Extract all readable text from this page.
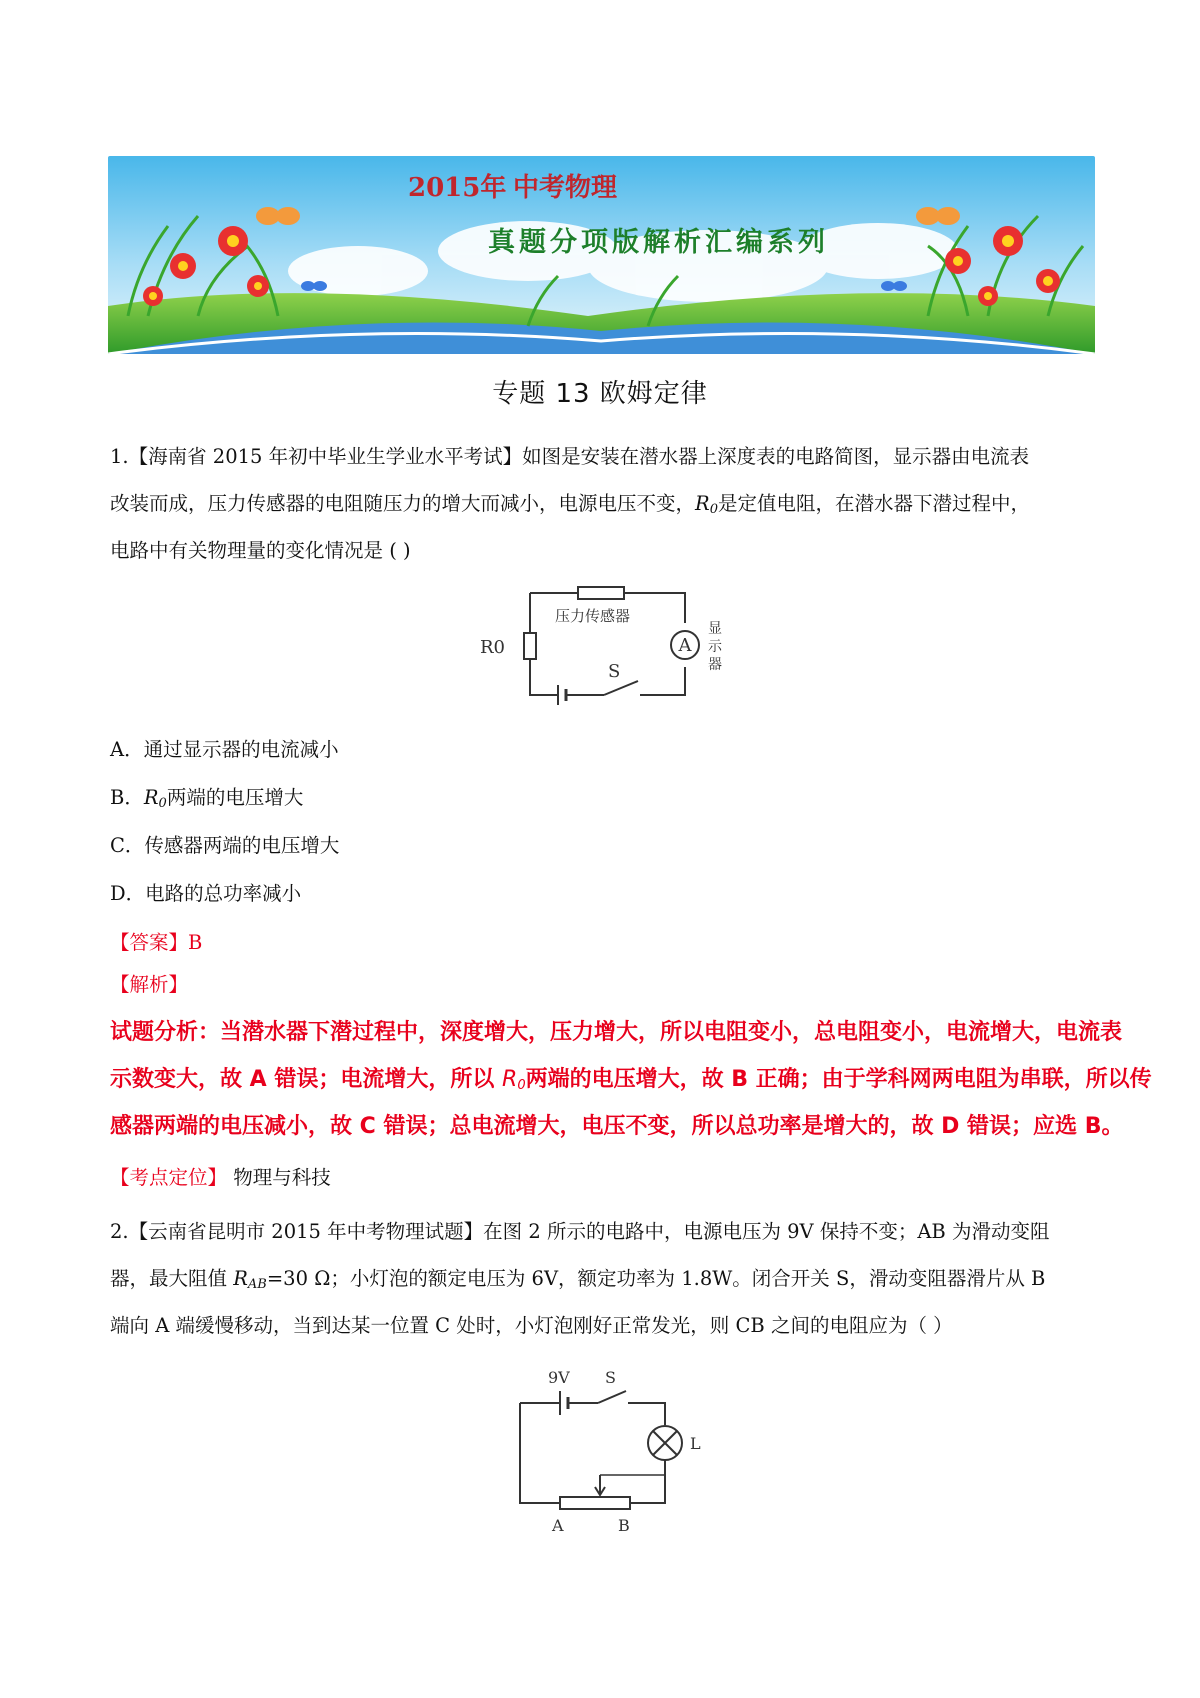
2015年 中考物理
真题分项版解析汇编系列
专题 13 欧姆定律
1.【海南省 2015 年初中毕业生学业水平考试】如图是安装在潜水器上深度表的电路简图，显示器由电流表
改装而成，压力传感器的电阻随压力的增大而减小，电源电压不变，$R_0$是定值电阻，在潜水器下潜过程中，
电路中有关物理量的变化情况是 ( )
A
R0
压力传感器
显
示
器
S
A．通过显示器的电流减小
B．$R_0$两端的电压增大
C．传感器两端的电压增大
D．电路的总功率减小
【答案】B
【解析】
试题分析：当潜水器下潜过程中，深度增大，压力增大，所以电阻变小，总电阻变小，电流增大，电流表
示数变大，故 A 错误；电流增大，所以 $R_0$两端的电压增大，故 B 正确；由于学科网两电阻为串联，所以传
感器两端的电压减小，故 C 错误；总电流增大，电压不变，所以总功率是增大的，故 D 错误；应选 B。
【考点定位】 物理与科技
2.【云南省昆明市 2015 年中考物理试题】在图 2 所示的电路中，电源电压为 9V 保持不变；AB 为滑动变阻
器，最大阻值 $R_{AB}=30$ Ω；小灯泡的额定电压为 6V，额定功率为 1.8W。闭合开关 S，滑动变阻器滑片从 B
端向 A 端缓慢移动，当到达某一位置 C 处时，小灯泡刚好正常发光，则 CB 之间的电阻应为（ ）
9V S
L
A	B
